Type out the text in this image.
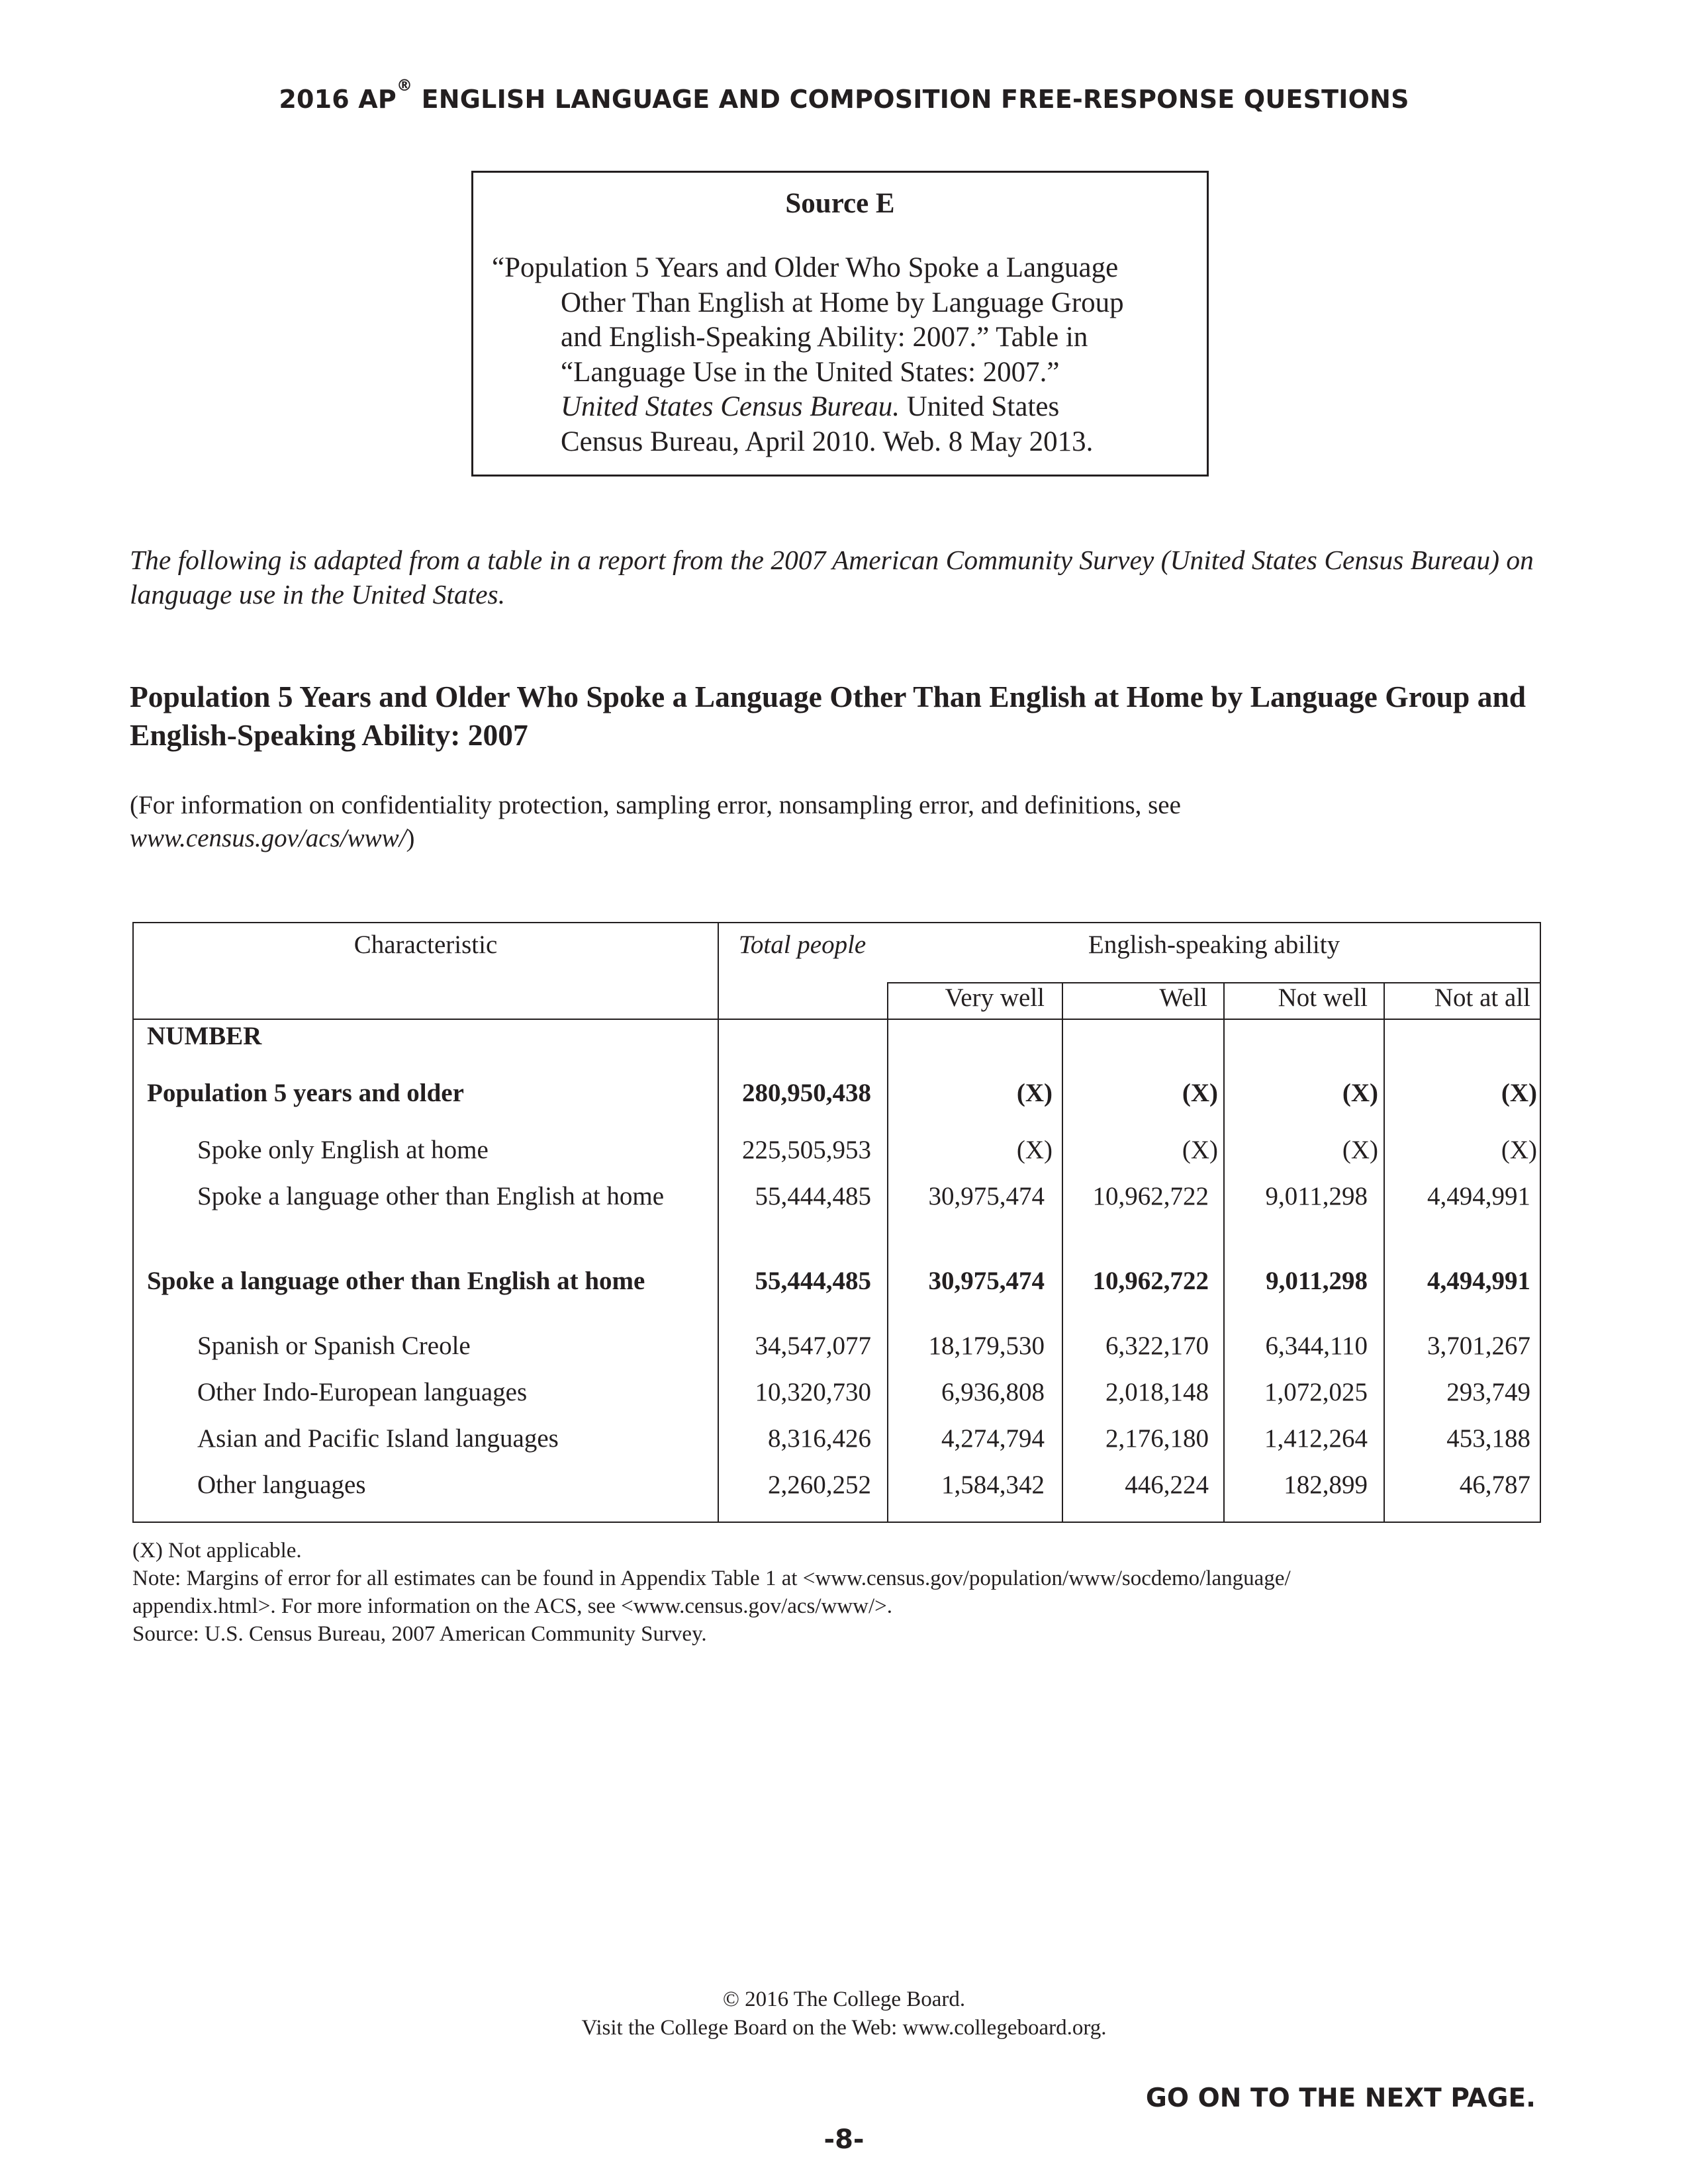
2016 AP® ENGLISH LANGUAGE AND COMPOSITION FREE-RESPONSE QUESTIONS
Source E
“Population 5 Years and Older Who Spoke a Language
Other Than English at Home by Language Group
and English-Speaking Ability: 2007.” Table in
“Language Use in the United States: 2007.”
United States Census Bureau. United States
Census Bureau, April 2010. Web. 8 May 2013.
The following is adapted from a table in a report from the 2007 American Community Survey (United States Census Bureau) on language use in the United States.
Population 5 Years and Older Who Spoke a Language Other Than English at Home by Language Group and English-Speaking Ability: 2007
(For information on confidentiality protection, sampling error, nonsampling error, and definitions, see
www.census.gov/acs/www/)
Characteristic	Total people	English-speaking ability
Very well	Well	Not well	Not at all
NUMBER
Population 5 years and older	280,950,438	(X)	(X)	(X)	(X)
Spoke only English at home	225,505,953	(X)	(X)	(X)	(X)
Spoke a language other than English at home	55,444,485	30,975,474	10,962,722	9,011,298	4,494,991
Spoke a language other than English at home	55,444,485	30,975,474	10,962,722	9,011,298	4,494,991
Spanish or Spanish Creole	34,547,077	18,179,530	6,322,170	6,344,110	3,701,267
Other Indo-European languages	10,320,730	6,936,808	2,018,148	1,072,025	293,749
Asian and Pacific Island languages	8,316,426	4,274,794	2,176,180	1,412,264	453,188
Other languages	2,260,252	1,584,342	446,224	182,899	46,787
(X) Not applicable.
Note: Margins of error for all estimates can be found in Appendix Table 1 at <www.census.gov/population/www/socdemo/language/
appendix.html>. For more information on the ACS, see <www.census.gov/acs/www/>.
Source: U.S. Census Bureau, 2007 American Community Survey.
© 2016 The College Board.
Visit the College Board on the Web: www.collegeboard.org.
GO ON TO THE NEXT PAGE.
-8-
